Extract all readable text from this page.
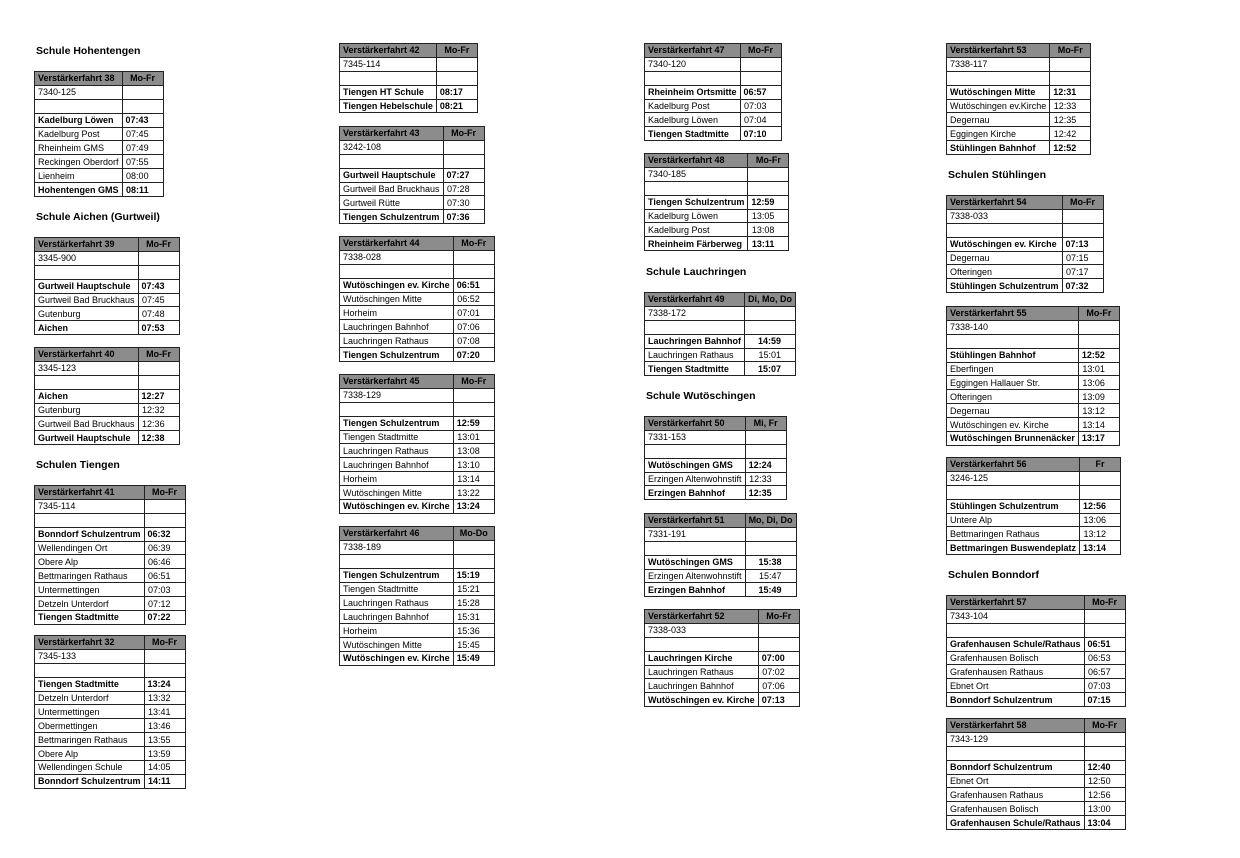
Schule Hohentengen
Verstärkerfahrt 38	Mo-Fr
7340-125	

Kadelburg Löwen	07:43
Kadelburg Post	07:45
Rheinheim GMS	07:49
Reckingen Oberdorf	07:55
Lienheim	08:00
Hohentengen GMS	08:11
Schule Aichen (Gurtweil)
Verstärkerfahrt 39	Mo-Fr
3345-900	

Gurtweil Hauptschule	07:43
Gurtweil Bad Bruckhaus	07:45
Gutenburg	07:48
Aichen	07:53
Verstärkerfahrt 40	Mo-Fr
3345-123	

Aichen	12:27
Gutenburg	12:32
Gurtweil Bad Bruckhaus	12:36
Gurtweil Hauptschule	12:38
Schulen Tiengen
Verstärkerfahrt 41	Mo-Fr
7345-114	

Bonndorf Schulzentrum	06:32
Wellendingen Ort	06:39
Obere Alp	06:46
Bettmaringen Rathaus	06:51
Untermettingen	07:03
Detzeln Unterdorf	07:12
Tiengen Stadtmitte	07:22
Verstärkerfahrt 32	Mo-Fr
7345-133	

Tiengen Stadtmitte	13:24
Detzeln Unterdorf	13:32
Untermettingen	13:41
Obermettingen	13:46
Bettmaringen Rathaus	13:55
Obere Alp	13:59
Wellendingen Schule	14:05
Bonndorf Schulzentrum	14:11
Verstärkerfahrt 42	Mo-Fr
7345-114	

Tiengen HT Schule	08:17
Tiengen Hebelschule	08:21
Verstärkerfahrt 43	Mo-Fr
3242-108	

Gurtweil Hauptschule	07:27
Gurtweil Bad Bruckhaus	07:28
Gurtweil Rütte	07:30
Tiengen Schulzentrum	07:36
Verstärkerfahrt 44	Mo-Fr
7338-028	

Wutöschingen ev. Kirche	06:51
Wutöschingen Mitte	06:52
Horheim	07:01
Lauchringen Bahnhof	07:06
Lauchringen Rathaus	07:08
Tiengen Schulzentrum	07:20
Verstärkerfahrt 45	Mo-Fr
7338-129	

Tiengen Schulzentrum	12:59
Tiengen Stadtmitte	13:01
Lauchringen Rathaus	13:08
Lauchringen Bahnhof	13:10
Horheim	13:14
Wutöschingen Mitte	13:22
Wutöschingen ev. Kirche	13:24
Verstärkerfahrt 46	Mo-Do
7338-189	

Tiengen Schulzentrum	15:19
Tiengen Stadtmitte	15:21
Lauchringen Rathaus	15:28
Lauchringen Bahnhof	15:31
Horheim	15:36
Wutöschingen Mitte	15:45
Wutöschingen ev. Kirche	15:49
Verstärkerfahrt 47	Mo-Fr
7340-120	

Rheinheim Ortsmitte	06:57
Kadelburg Post	07:03
Kadelburg Löwen	07:04
Tiengen Stadtmitte	07:10
Verstärkerfahrt 48	Mo-Fr
7340-185	

Tiengen Schulzentrum	12:59
Kadelburg Löwen	13:05
Kadelburg Post	13:08
Rheinheim Färberweg	13:11
Schule Lauchringen
Verstärkerfahrt 49	Di, Mo, Do
7338-172	

Lauchringen Bahnhof	14:59
Lauchringen Rathaus	15:01
Tiengen Stadtmitte	15:07
Schule Wutöschingen
Verstärkerfahrt 50	Mi, Fr
7331-153	

Wutöschingen GMS	12:24
Erzingen Altenwohnstift	12:33
Erzingen Bahnhof	12:35
Verstärkerfahrt 51	Mo, Di, Do
7331-191	

Wutöschingen GMS	15:38
Erzingen Altenwohnstift	15:47
Erzingen Bahnhof	15:49
Verstärkerfahrt 52	Mo-Fr
7338-033	

Lauchringen Kirche	07:00
Lauchringen Rathaus	07:02
Lauchringen Bahnhof	07:06
Wutöschingen ev. Kirche	07:13
Verstärkerfahrt 53	Mo-Fr
7338-117	

Wutöschingen Mitte	12:31
Wutöschingen ev.Kirche	12:33
Degernau	12:35
Eggingen Kirche	12:42
Stühlingen Bahnhof	12:52
Schulen Stühlingen
Verstärkerfahrt 54	Mo-Fr
7338-033	

Wutöschingen ev. Kirche	07:13
Degernau	07:15
Ofteringen	07:17
Stühlingen Schulzentrum	07:32
Verstärkerfahrt 55	Mo-Fr
7338-140	

Stühlingen Bahnhof	12:52
Eberfingen	13:01
Eggingen Hallauer Str.	13:06
Ofteringen	13:09
Degernau	13:12
Wutöschingen ev. Kirche	13:14
Wutöschingen Brunnenäcker	13:17
Verstärkerfahrt 56	Fr
3246-125	

Stühlingen Schulzentrum	12:56
Untere Alp	13:06
Bettmaringen Rathaus	13:12
Bettmaringen Buswendeplatz	13:14
Schulen Bonndorf
Verstärkerfahrt 57	Mo-Fr
7343-104	

Grafenhausen Schule/Rathaus	06:51
Grafenhausen Bolisch	06:53
Grafenhausen Rathaus	06:57
Ebnet Ort	07:03
Bonndorf Schulzentrum	07:15
Verstärkerfahrt 58	Mo-Fr
7343-129	

Bonndorf Schulzentrum	12:40
Ebnet Ort	12:50
Grafenhausen Rathaus	12:56
Grafenhausen Bolisch	13:00
Grafenhausen Schule/Rathaus	13:04
